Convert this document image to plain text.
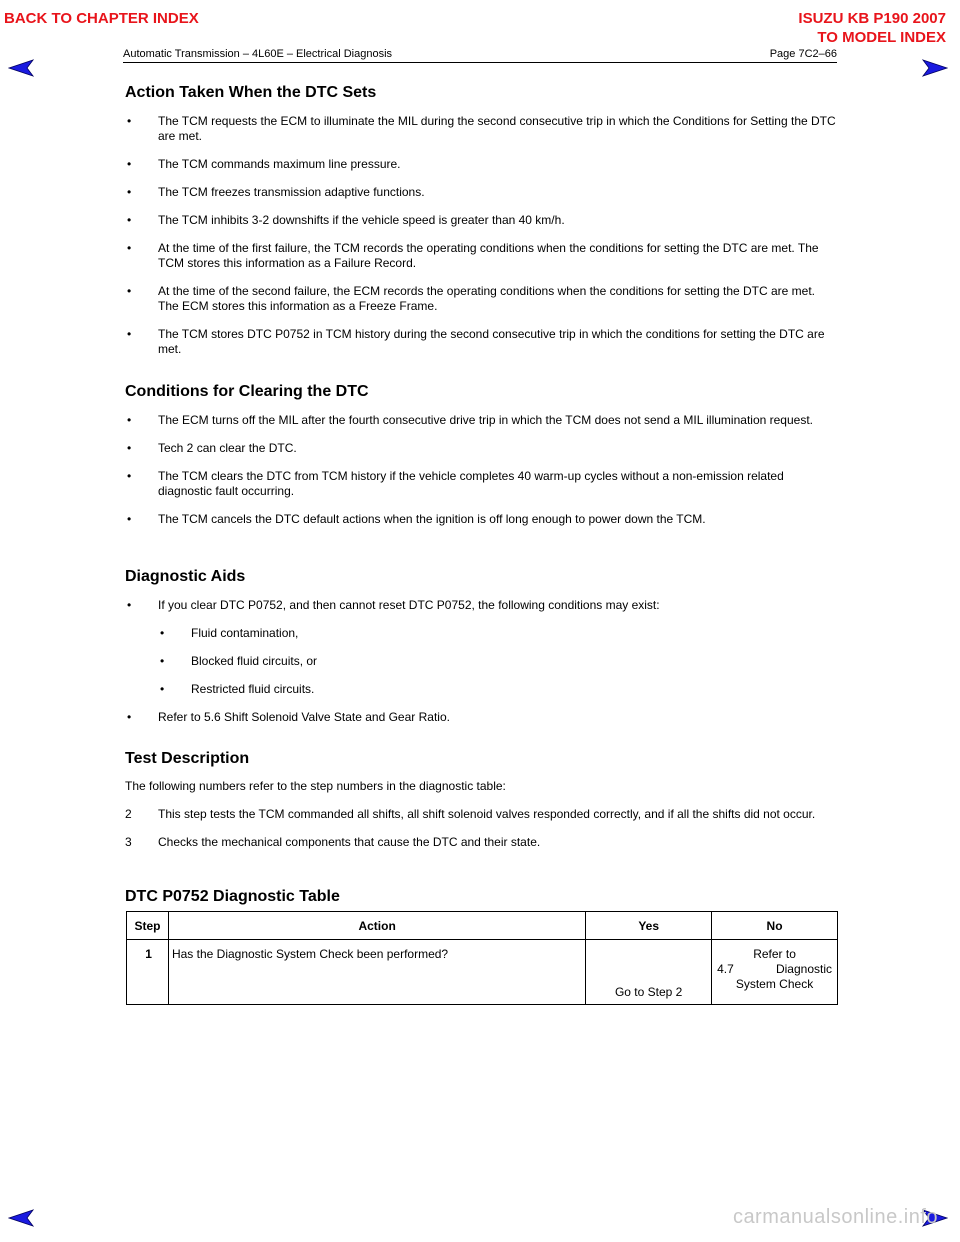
BACK TO CHAPTER INDEX	ISUZU KB P190 2007
TO MODEL INDEX
Automatic Transmission – 4L60E – Electrical Diagnosis	Page 7C2–66
Action Taken When the DTC Sets
• The TCM requests the ECM to illuminate the MIL during the second consecutive trip in which the Conditions for Setting the DTC are met.
• The TCM commands maximum line pressure.
• The TCM freezes transmission adaptive functions.
• The TCM inhibits 3-2 downshifts if the vehicle speed is greater than 40 km/h.
• At the time of the first failure, the TCM records the operating conditions when the conditions for setting the DTC are met. The TCM stores this information as a Failure Record.
• At the time of the second failure, the ECM records the operating conditions when the conditions for setting the DTC are met. The ECM stores this information as a Freeze Frame.
• The TCM stores DTC P0752 in TCM history during the second consecutive trip in which the conditions for setting the DTC are met.
Conditions for Clearing the DTC
• The ECM turns off the MIL after the fourth consecutive drive trip in which the TCM does not send a MIL illumination request.
• Tech 2 can clear the DTC.
• The TCM clears the DTC from TCM history if the vehicle completes 40 warm-up cycles without a non-emission related diagnostic fault occurring.
• The TCM cancels the DTC default actions when the ignition is off long enough to power down the TCM.
Diagnostic Aids
• If you clear DTC P0752, and then cannot reset DTC P0752, the following conditions may exist:
• Fluid contamination,
• Blocked fluid circuits, or
• Restricted fluid circuits.
• Refer to 5.6 Shift Solenoid Valve State and Gear Ratio.
Test Description

The following numbers refer to the step numbers in the diagnostic table:

2 This step tests the TCM commanded all shifts, all shift solenoid valves responded correctly, and if all the shifts did not occur.
3 Checks the mechanical components that cause the DTC and their state.
DTC P0752 Diagnostic Table
Step	Action	Yes	No
1	Has the Diagnostic System Check been performed?	Go to Step 2	Refer to
4.7 Diagnostic
System Check
carmanualsonline.info
